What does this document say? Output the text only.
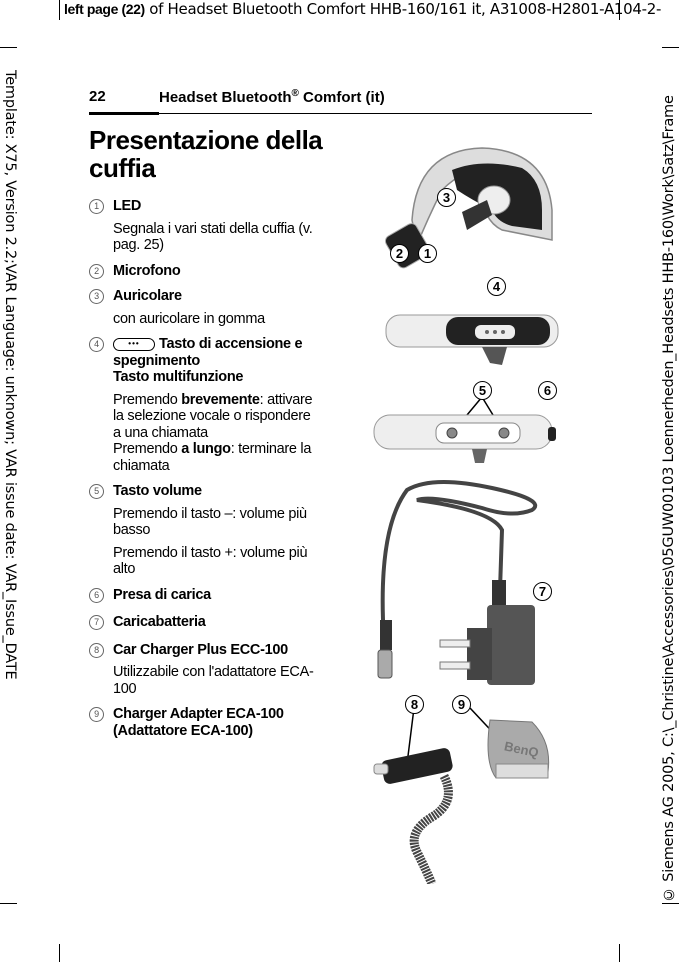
left page (22) of Headset Bluetooth Comfort HHB-160/161 it, A31008-H2801-A104-2-
Template: X75, Version 2.2;VAR Language: unknown; VAR issue date: VAR_Issue_DATE	© Siemens AG 2005, C:\_Christine\Accessories\05GUW00103 Loennerheden_Headsets HHB-160\Work\Satz\Frame
22	Headset Bluetooth® Comfort (it)
Presentazione della cuffia
1 LED
Segnala i vari stati della cuffia (v. pag. 25)
2 Microfono
3 Auricolare
con auricolare in gomma
4	••• Tasto di accensione e spegnimento
Tasto multifunzione
Premendo brevemente: attivare la selezione vocale o rispondere a una chiamata
Premendo a lungo: terminare la chiamata
5 Tasto volume
Premendo il tasto –: volume più basso
Premendo il tasto +: volume più alto
6 Presa di carica
7 Caricabatteria
8 Car Charger Plus ECC-100
Utilizzabile con l'adattatore ECA-100
9 Charger Adapter ECA-100 (Adattatore ECA-100)
3
2	1
4
5	6
7
BenQ
8	9
